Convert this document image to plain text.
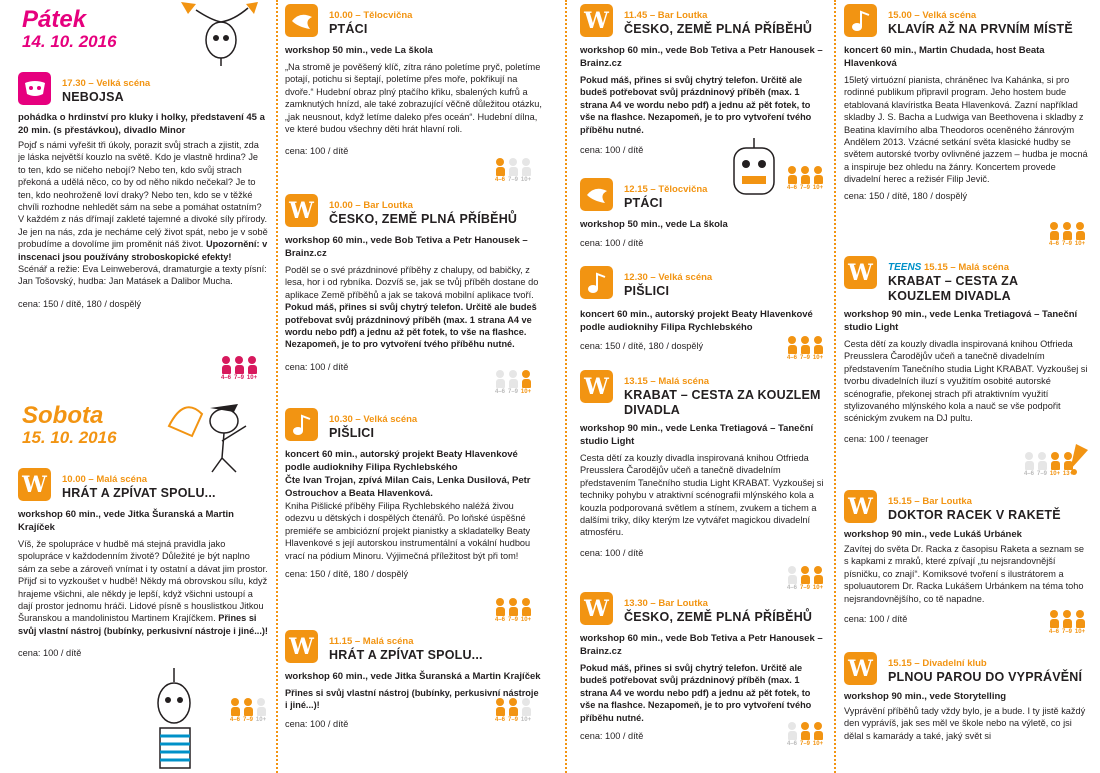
Pátek
14. 10. 2016
17.30 – Velká scéna
NEBOJSA
pohádka o hrdinství pro kluky i holky, představení 45 a 20 min. (s přestávkou), divadlo Minor
Pojď s námi vyřešit tři úkoly, porazit svůj strach a zjistit, zda je láska největší kouzlo na světě. Kdo je vlastně hrdina? Je to ten, kdo se ničeho nebojí? Nebo ten, kdo svůj strach překoná a udělá něco, co by od něho nikdo nečekal? Je to ten, kdo neohroženě loví draky? Nebo ten, kdo se v těžké chvíli rozhodne nehledět sám na sebe a pomáhat ostatním? V každém z nás dřímají zakleté tajemné a divoké síly přírody. Je jen na nás, zda je necháme celý život spát, nebo je v sobě probudíme a dovolíme jim proměnit náš život. Upozornění: v inscenaci jsou používány stroboskopické efekty!
Scénář a režie: Eva Leinweberová, dramaturgie a texty písní: Jan Tošovský, hudba: Jan Matásek a Dalibor Mucha.
cena: 150 / dítě, 180 / dospělý
4–6 7–9 10+
Sobota
15. 10. 2016
W	10.00 – Malá scéna
HRÁT A ZPÍVAT SPOLU...
workshop 60 min., vede Jitka Šuranská a Martin Krajíček
Víš, že spolupráce v hudbě má stejná pravidla jako spolupráce v každodenním životě? Důležité je být naplno sám za sebe a zároveň vnímat i ty ostatní a dávat jim prostor. Přijď si to vyzkoušet v hudbě! Někdy má obrovskou sílu, když hrajeme všichni, ale někdy je lepší, když všichni ustoupí a dají prostor jednomu hráči. Lidové písně s houslistkou Jitkou Šuranskou a mandolinistou Martinem Krajíčkem. Přines si svůj vlastní nástroj (bubínky, perkusivní nástroje i jiné...)!
cena: 100 / dítě
4–6 7–9 10+
10.00 – Tělocvična
PTÁCI
workshop 50 min., vede La škola
„Na stromě je pověšený klíč, zítra ráno poletíme pryč, poletíme potají, potichu si šeptají, poletíme přes moře, pokřikují na dvoře.“ Hudební obraz plný ptačího křiku, sbalených kufrů a zamknutých hnízd, ale také zobrazující věčně důležitou otázku, „jak neusnout, když letíme daleko přes oceán“. Hudební dílna, ve které budou všechny děti hrát hlavní roli.
cena: 100 / dítě
4–6 7–9 10+
W	10.00 – Bar Loutka
ČESKO, ZEMĚ PLNÁ PŘÍBĚHŮ
workshop 60 min., vede Bob Tetiva a Petr Hanousek – Brainz.cz
Poděl se o své prázdninové příběhy z chalupy, od babičky, z lesa, hor i od rybníka. Dozvíš se, jak se tvůj příběh dostane do aplikace Země příběhů a jak se taková mobilní aplikace tvoří. Pokud máš, přines si svůj chytrý telefon. Určitě ale budeš potřebovat svůj prázdninový příběh (max. 1 strana A4 ve wordu nebo pdf) a jednu až pět fotek, to vše na flashce. Nezapomeň, je to pro vytvoření tvého příběhu nutné.
cena: 100 / dítě
4–6 7–9 10+
10.30 – Velká scéna
PIŠLICI
koncert 60 min., autorský projekt Beaty Hlavenkové podle audioknihy Filipa Rychlebského
Čte Ivan Trojan, zpívá Milan Cais, Lenka Dusilová, Petr Ostrouchov a Beata Hlavenková.
Kniha Pišlické příběhy Filipa Rychlebského naléžá živou odezvu u dětských i dospělých čtenářů. Po loňské úspěšné premiéře se ambiciózní projekt pianistky a skladatelky Beaty Hlavenkové s její autorskou instrumentální a vokální hudbou vrací na pódium Minoru. Výjimečná příležitost být při tom!
cena: 150 / dítě, 180 / dospělý
4–6 7–9 10+
W	11.15 – Malá scéna
HRÁT A ZPÍVAT SPOLU...
workshop 60 min., vede Jitka Šuranská a Martin Krajíček
Přines si svůj vlastní nástroj (bubínky, perkusivní nástroje i jiné...)!
cena: 100 / dítě	4–6 7–9 10+
W	11.45 – Bar Loutka
ČESKO, ZEMĚ PLNÁ PŘÍBĚHŮ
workshop 60 min., vede Bob Tetiva a Petr Hanousek – Brainz.cz
Pokud máš, přines si svůj chytrý telefon. Určitě ale budeš potřebovat svůj prázdninový příběh (max. 1 strana A4 ve wordu nebo pdf) a jednu až pět fotek, to vše na flashce. Nezapomeň, je to pro vytvoření tvého příběhu nutné.
cena: 100 / dítě
4–6 7–9 10+
12.15 – Tělocvična
PTÁCI
workshop 50 min., vede La škola
cena: 100 / dítě
12.30 – Velká scéna
PIŠLICI
koncert 60 min., autorský projekt Beaty Hlavenkové podle audioknihy Filipa Rychlebského
cena: 150 / dítě, 180 / dospělý
4–6 7–9 10+
W	13.15 – Malá scéna
KRABAT – CESTA ZA KOUZLEM DIVADLA
workshop 90 min., vede Lenka Tretiagová – Taneční studio Light
Cesta dětí za kouzly divadla inspirovaná knihou Otfrieda Preusslera Čarodějův učeň a tanečně divadelním představením Tanečního studia Light KRABAT. Vyzkoušej si techniky pohybu v atraktivní scénografii mlýnského kola a kouzla podporovaná světlem a stínem, zvukem a tichem a dalšími triky, díky kterým lze vytvářet magickou divadelní atmosféru.
cena: 100 / dítě
4–6 7–9 10+
W	13.30 – Bar Loutka
ČESKO, ZEMĚ PLNÁ PŘÍBĚHŮ
workshop 60 min., vede Bob Tetiva a Petr Hanousek – Brainz.cz
Pokud máš, přines si svůj chytrý telefon. Určitě ale budeš potřebovat svůj prázdninový příběh (max. 1 strana A4 ve wordu nebo pdf) a jednu až pět fotek, to vše na flashce. Nezapomeň, je to pro vytvoření tvého příběhu nutné.
cena: 100 / dítě
4–6 7–9 10+
15.00 – Velká scéna
KLAVÍR AŽ NA PRVNÍM MÍSTĚ
koncert 60 min., Martin Chudada, host Beata Hlavenková
15letý virtuózní pianista, chráněnec Iva Kahánka, si pro rodinné publikum připravil program. Jeho hostem bude etablovaná klavíristka Beata Hlavenková. Zazní například skladby J. S. Bacha a Ludwiga van Beethovena i skladby z Beatina klavírního alba Theodoros oceněného žánrovým Andělem 2013. Vzácné setkání světa klasické hudby se světem autorské tvorby ovlivněné jazzem – hudba je mocná a inspiruje bez ohledu na žánry. Koncertem provede divadelní herec a režisér Filip Jevič.
cena: 150 / dítě, 180 / dospělý
4–6 7–9 10+
W	TEENS 15.15 – Malá scéna
KRABAT – CESTA ZA KOUZLEM DIVADLA
workshop 90 min., vede Lenka Tretiagová – Taneční studio Light
Cesta dětí za kouzly divadla inspirovaná knihou Otfrieda Preusslera Čarodějův učeň a tanečně divadelním představením Tanečního studia Light KRABAT. Vyzkoušej si tvorbu divadelních iluzí s využitím osobité autorské scénografie, překonej strach při atraktivním využití stylizovaného mlýnského kola a nauč se vše podpořit scénickým zvukem na DJ pultu.
cena: 100 / teenager
4–6 7–9 10+ 13+
W	15.15 – Bar Loutka
DOKTOR RACEK V RAKETĚ
workshop 90 min., vede Lukáš Urbánek
Zavítej do světa Dr. Racka z časopisu Raketa a seznam se s kapkami z mraků, které zpívají „tu nejsrandovnější písničku, co znají“. Komiksové tvoření s ilustrátorem a spoluautorem Dr. Racka Lukášem Urbánkem na téma toho nejsrandovnějšího, co tě napadne.
cena: 100 / dítě
4–6 7–9 10+
W	15.15 – Divadelní klub
PLNOU PAROU DO VYPRÁVĚNÍ
workshop 90 min., vede Storytelling
Vyprávění příběhů tady vždy bylo, je a bude. I ty jistě každý den vyprávíš, jak ses měl ve škole nebo na výletě, co jsi dělal s kamarády a také, jaký svět si
